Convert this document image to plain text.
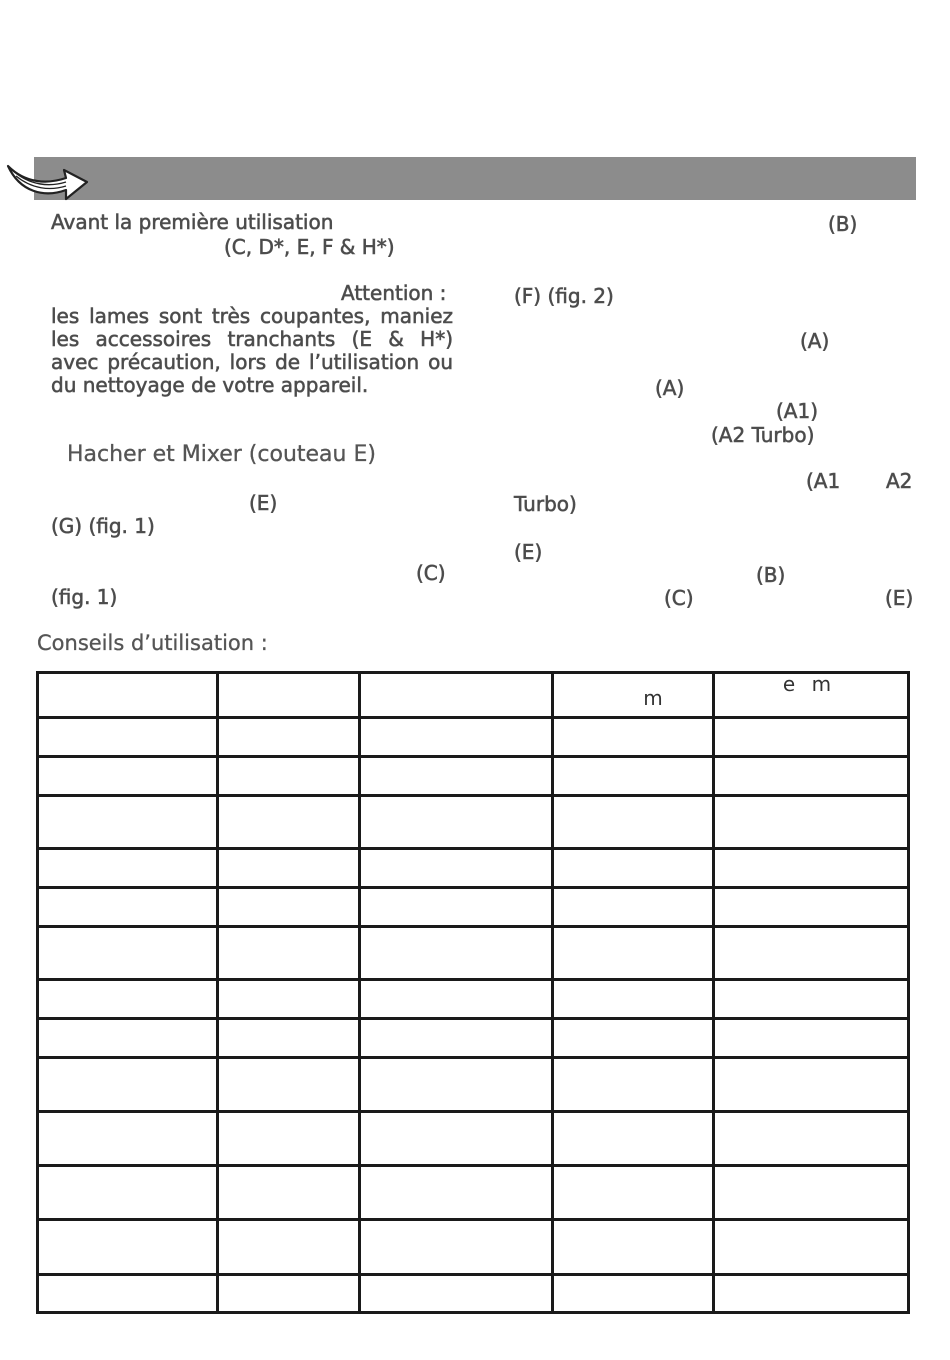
Avant la première utilisation
(C, D*, E, F & H*)
Attention :
les lames sont très coupantes, maniez les accessoires tranchants (E & H*) avec précaution, lors de l’utilisation ou du nettoyage de votre appareil.
Hacher et Mixer (couteau E)
(E)
(G) (fig. 1)
(C)
(fig. 1)
(B)
(F) (fig. 2)
(A)
(A)
(A1)
(A2 Turbo)
(A1 A2
Turbo)
(E)
(B)
(C)	(E)
Conseils d’utilisation :
			m	e m
